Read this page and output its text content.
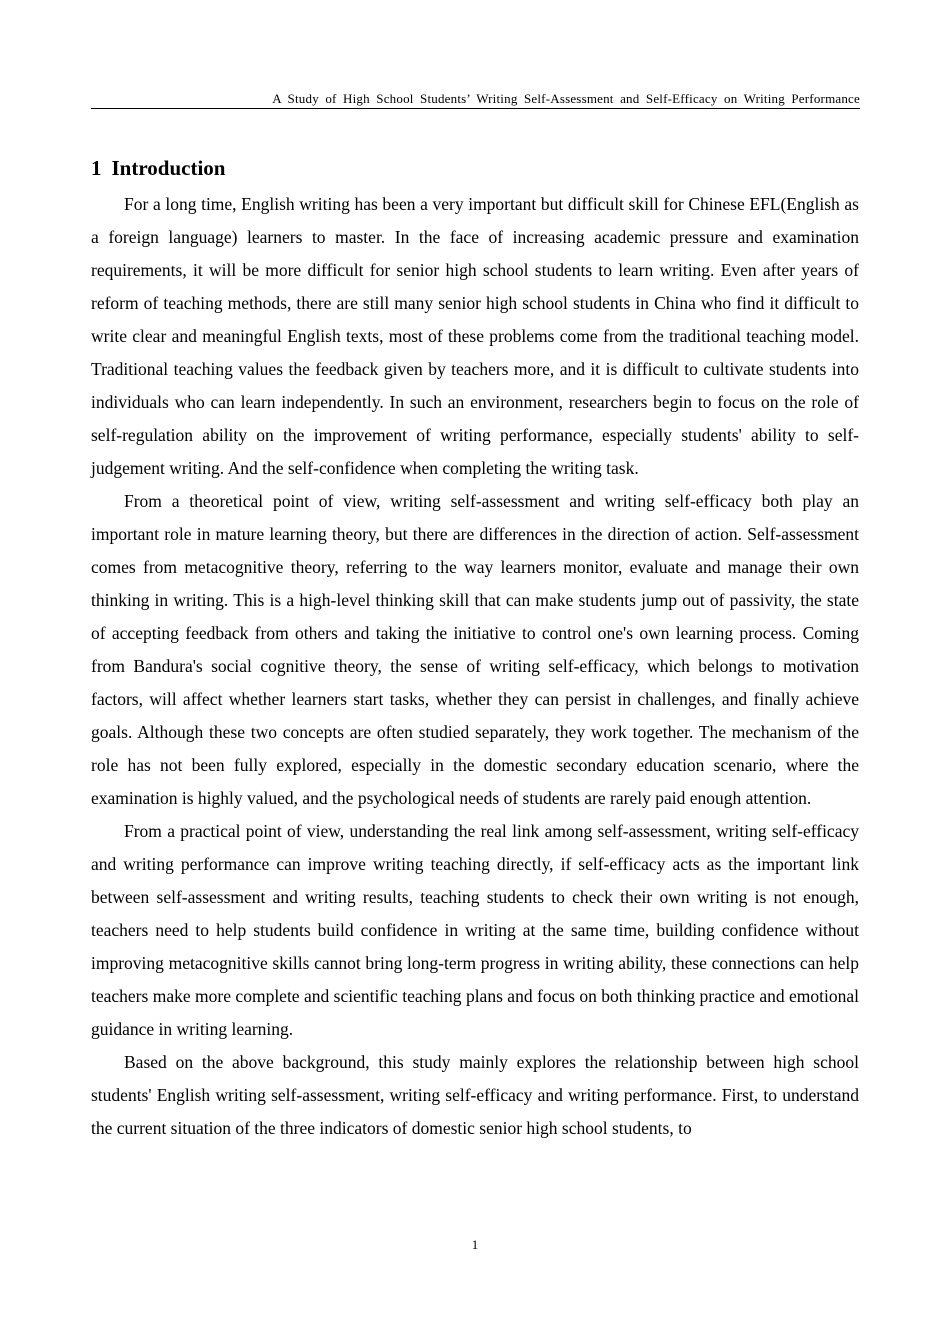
A Study of High School Students’ Writing Self-Assessment and Self-Efficacy on Writing Performance
1 Introduction

For a long time, English writing has been a very important but difficult skill for Chinese EFL(English as a foreign language) learners to master. In the face of increasing academic pressure and examination requirements, it will be more difficult for senior high school students to learn writing. Even after years of reform of teaching methods, there are still many senior high school students in China who find it difficult to write clear and meaningful English texts, most of these problems come from the traditional teaching model. Traditional teaching values the feedback given by teachers more, and it is difficult to cultivate students into individuals who can learn independently. In such an environment, researchers begin to focus on the role of self-regulation ability on the improvement of writing performance, especially students' ability to self-judgement writing. And the self-confidence when completing the writing task.

From a theoretical point of view, writing self-assessment and writing self-efficacy both play an important role in mature learning theory, but there are differences in the direction of action. Self-assessment comes from metacognitive theory, referring to the way learners monitor, evaluate and manage their own thinking in writing. This is a high-level thinking skill that can make students jump out of passivity, the state of accepting feedback from others and taking the initiative to control one's own learning process. Coming from Bandura's social cognitive theory, the sense of writing self-efficacy, which belongs to motivation factors, will affect whether learners start tasks, whether they can persist in challenges, and finally achieve goals. Although these two concepts are often studied separately, they work together. The mechanism of the role has not been fully explored, especially in the domestic secondary education scenario, where the examination is highly valued, and the psychological needs of students are rarely paid enough attention.

From a practical point of view, understanding the real link among self-assessment, writing self-efficacy and writing performance can improve writing teaching directly, if self-efficacy acts as the important link between self-assessment and writing results, teaching students to check their own writing is not enough, teachers need to help students build confidence in writing at the same time, building confidence without improving metacognitive skills cannot bring long-term progress in writing ability, these connections can help teachers make more complete and scientific teaching plans and focus on both thinking practice and emotional guidance in writing learning.

Based on the above background, this study mainly explores the relationship between high school students' English writing self-assessment, writing self-efficacy and writing performance. First, to understand the current situation of the three indicators of domestic senior high school students, to

1
